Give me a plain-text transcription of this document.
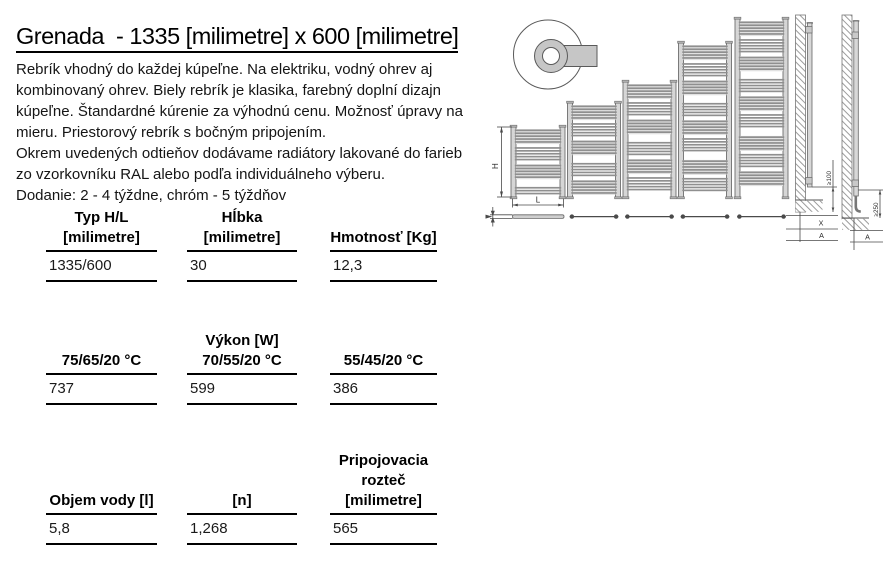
Grenada  - 1335 [milimetre] x 600 [milimetre]
Rebrík vhodný do každej kúpeľne. Na elektriku, vodný ohrev aj
kombinovaný ohrev. Biely rebrík je klasika, farebný doplní dizajn
kúpeľne. Štandardné kúrenie za výhodnú cenu. Možnosť úpravy na
mieru. Priestorový rebrík s bočným pripojením.
Okrem uvedených odtieňov dodávame radiátory lakované do farieb
zo vzorkovníku RAL alebo podľa individuálneho výberu.
Dodanie: 2 - 4 týždne, chróm - 5 týždňov
Typ H/L
[milimetre]
1335/600
Hĺbka
[milimetre]
30
Hmotnosť [Kg]
12,3
75/65/20 °C
737
Výkon [W]
70/55/20 °C
599
55/45/20 °C
386
Objem vody [l]
5,8
[n]
1,268
Pripojovacia
rozteč
[milimetre]
565
H
L
≥100
X
A
≥250
A
